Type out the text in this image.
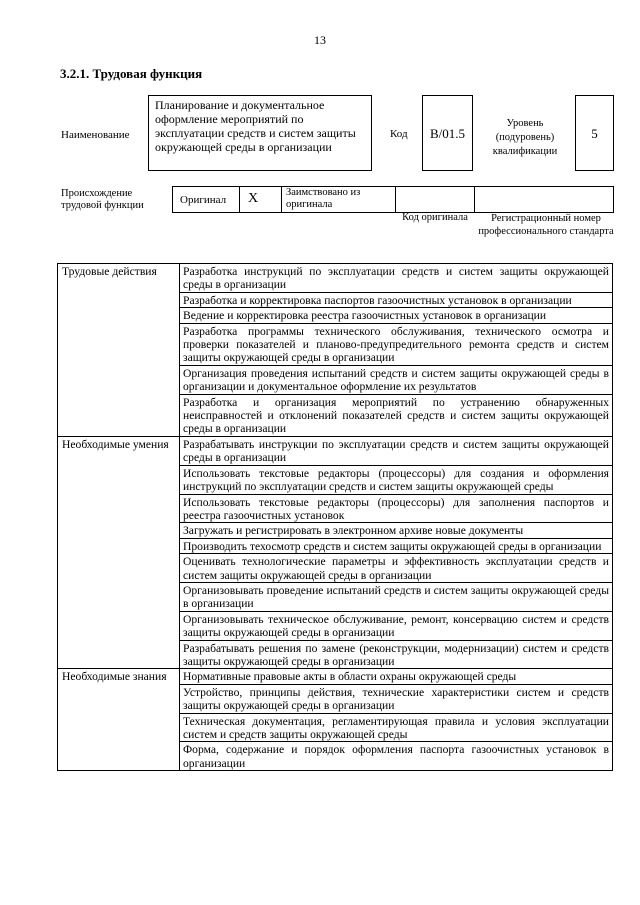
13
3.2.1. Трудовая функция
Наименование
Планирование и документальное оформление мероприятий по эксплуатации средств и систем защиты окружающей среды в организации
Код	B/01.5
Уровень (подуровень) квалификации
5
Происхождение трудовой функции	Оригинал X	Заимствовано из оригинала
Код оригинала	Регистрационный номер профессионального стандарта
Трудовые действия	Разработка инструкций по эксплуатации средств и систем защиты окружающей среды в организации
	Разработка и корректировка паспортов газоочистных установок в организации
	Ведение и корректировка реестра газоочистных установок в организации
	Разработка программы технического обслуживания, технического осмотра и проверки показателей и планово-предупредительного ремонта средств и систем защиты окружающей среды в организации
	Организация проведения испытаний средств и систем защиты окружающей среды в организации и документальное оформление их результатов
	Разработка и организация мероприятий по устранению обнаруженных неисправностей и отклонений показателей средств и систем защиты окружающей среды в организации
Необходимые умения	Разрабатывать инструкции по эксплуатации средств и систем защиты окружающей среды в организации
	Использовать текстовые редакторы (процессоры) для создания и оформления инструкций по эксплуатации средств и систем защиты окружающей среды
	Использовать текстовые редакторы (процессоры) для заполнения паспортов и реестра газоочистных установок
	Загружать и регистрировать в электронном архиве новые документы
	Производить техосмотр средств и систем защиты окружающей среды в организации
	Оценивать технологические параметры и эффективность эксплуатации средств и систем защиты окружающей среды в организации
	Организовывать проведение испытаний средств и систем защиты окружающей среды в организации
	Организовывать техническое обслуживание, ремонт, консервацию систем и средств защиты окружающей среды в организации
	Разрабатывать решения по замене (реконструкции, модернизации) систем и средств защиты окружающей среды в организации
Необходимые знания	Нормативные правовые акты в области охраны окружающей среды
	Устройство, принципы действия, технические характеристики систем и средств защиты окружающей среды в организации
	Техническая документация, регламентирующая правила и условия эксплуатации систем и средств защиты окружающей среды
	Форма, содержание и порядок оформления паспорта газоочистных установок в организации
